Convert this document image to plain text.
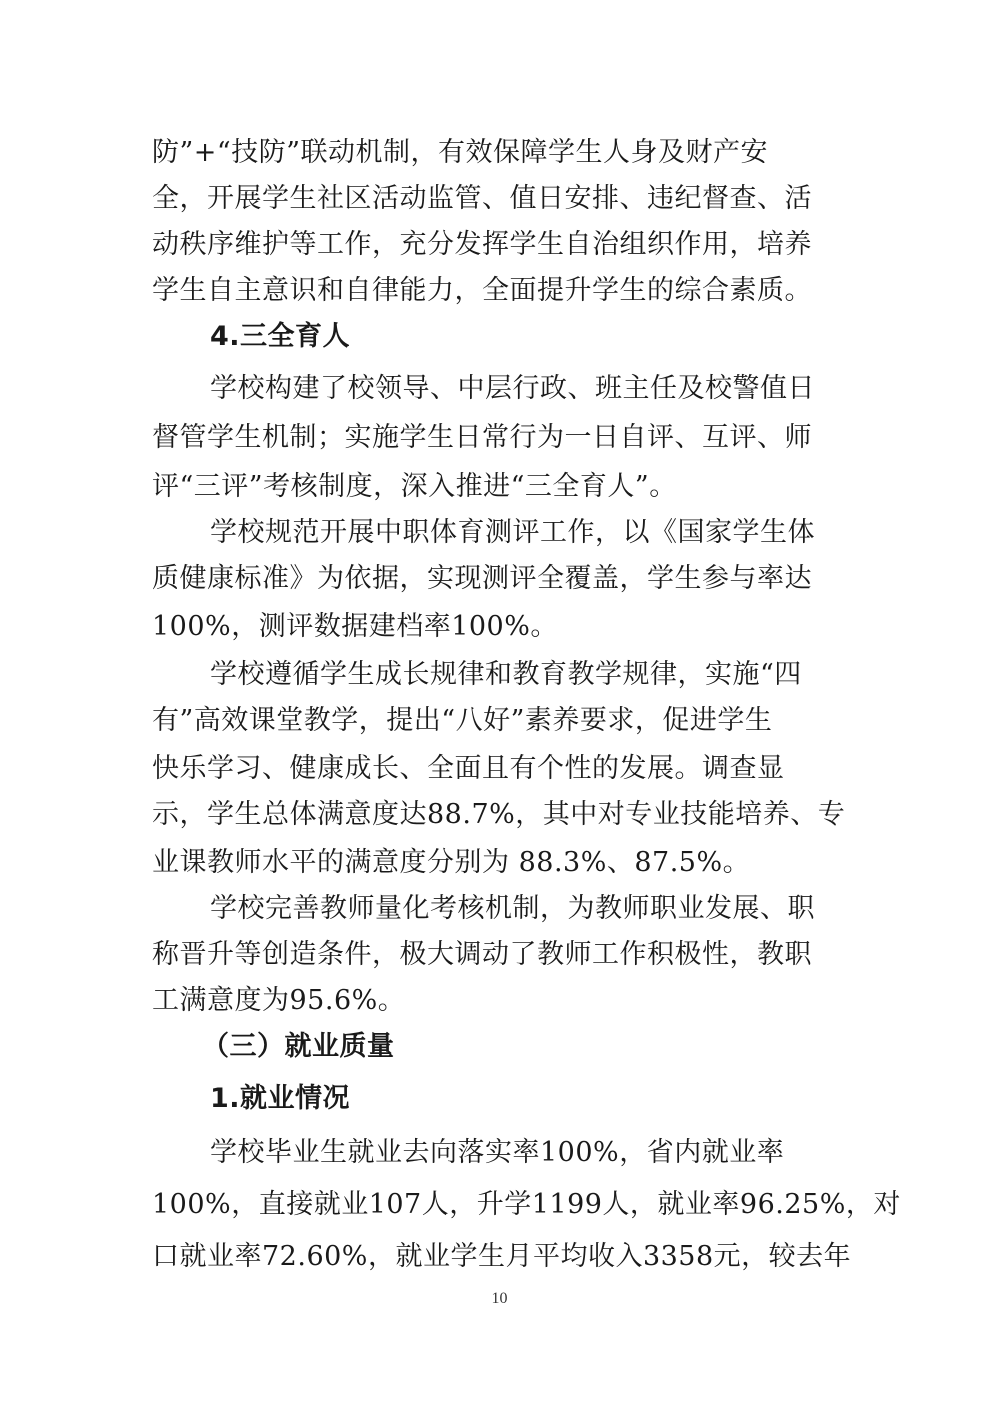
防”+“技防”联动机制，有效保障学生人身及财产安
全，开展学生社区活动监管、值日安排、违纪督查、活
动秩序维护等工作，充分发挥学生自治组织作用，培养
学生自主意识和自律能力，全面提升学生的综合素质。
4.三全育人
学校构建了校领导、中层行政、班主任及校警值日
督管学生机制；实施学生日常行为一日自评、互评、师
评“三评”考核制度，深入推进“三全育人”。
学校规范开展中职体育测评工作，以《国家学生体
质健康标准》为依据，实现测评全覆盖，学生参与率达
100%，测评数据建档率100%。
学校遵循学生成长规律和教育教学规律，实施“四
有”高效课堂教学，提出“八好”素养要求，促进学生
快乐学习、健康成长、全面且有个性的发展。调查显
示，学生总体满意度达88.7%，其中对专业技能培养、专
业课教师水平的满意度分别为 88.3%、87.5%。
学校完善教师量化考核机制，为教师职业发展、职
称晋升等创造条件，极大调动了教师工作积极性，教职
工满意度为95.6%。
（三）就业质量
1.就业情况
学校毕业生就业去向落实率100%，省内就业率
100%，直接就业107人，升学1199人，就业率96.25%，对
口就业率72.60%，就业学生月平均收入3358元，较去年
10
